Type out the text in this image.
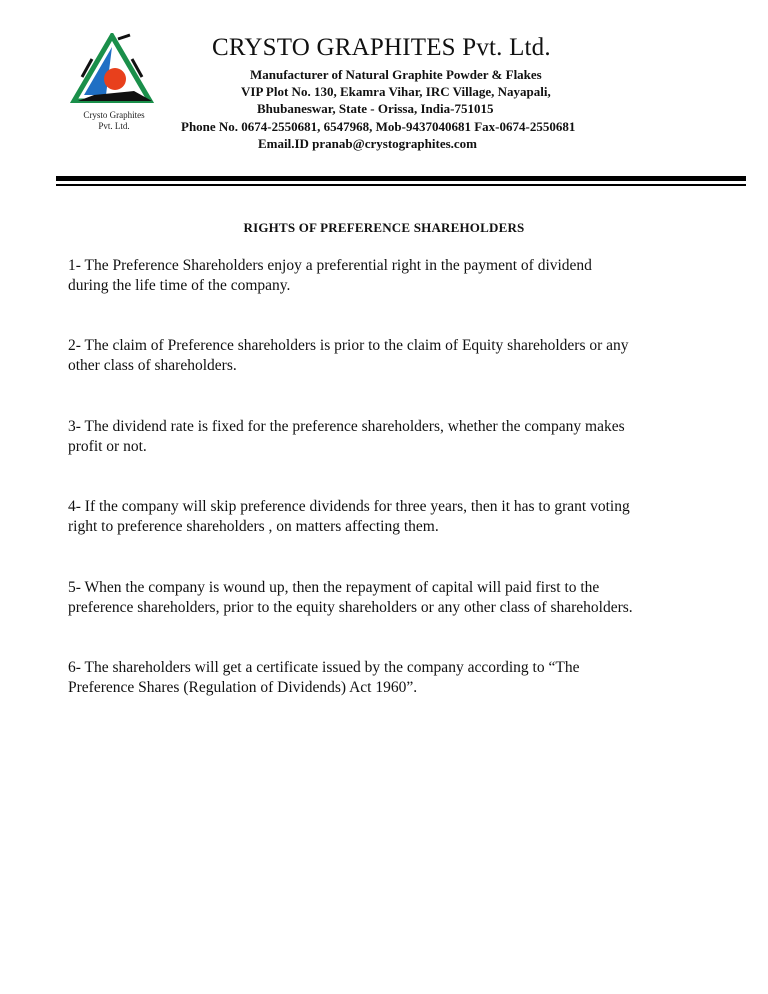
Crysto Graphites
Pvt. Ltd.
CRYSTO GRAPHITES Pvt. Ltd.

Manufacturer of Natural Graphite Powder & Flakes

VIP Plot No. 130, Ekamra Vihar, IRC Village, Nayapali,

Bhubaneswar, State - Orissa, India-751015

Phone No. 0674-2550681, 6547968, Mob-9437040681 Fax-0674-2550681

Email.ID pranab@crystographites.com

RIGHTS OF PREFERENCE SHAREHOLDERS
1- The Preference Shareholders enjoy a preferential right in the payment of dividend
during the life time of the company.
2- The claim of Preference shareholders is prior to the claim of Equity shareholders or any
other class of shareholders.
3- The dividend rate is fixed for the preference shareholders, whether the company makes
profit or not.
4- If the company will skip preference dividends for three years, then it has to grant voting
right to preference shareholders , on matters affecting them.
5- When the company is wound up, then the repayment of capital will paid first to the
preference shareholders, prior to the equity shareholders or any other class of shareholders.
6- The shareholders will get a certificate issued by the company according to “The
Preference Shares (Regulation of Dividends) Act 1960”.
